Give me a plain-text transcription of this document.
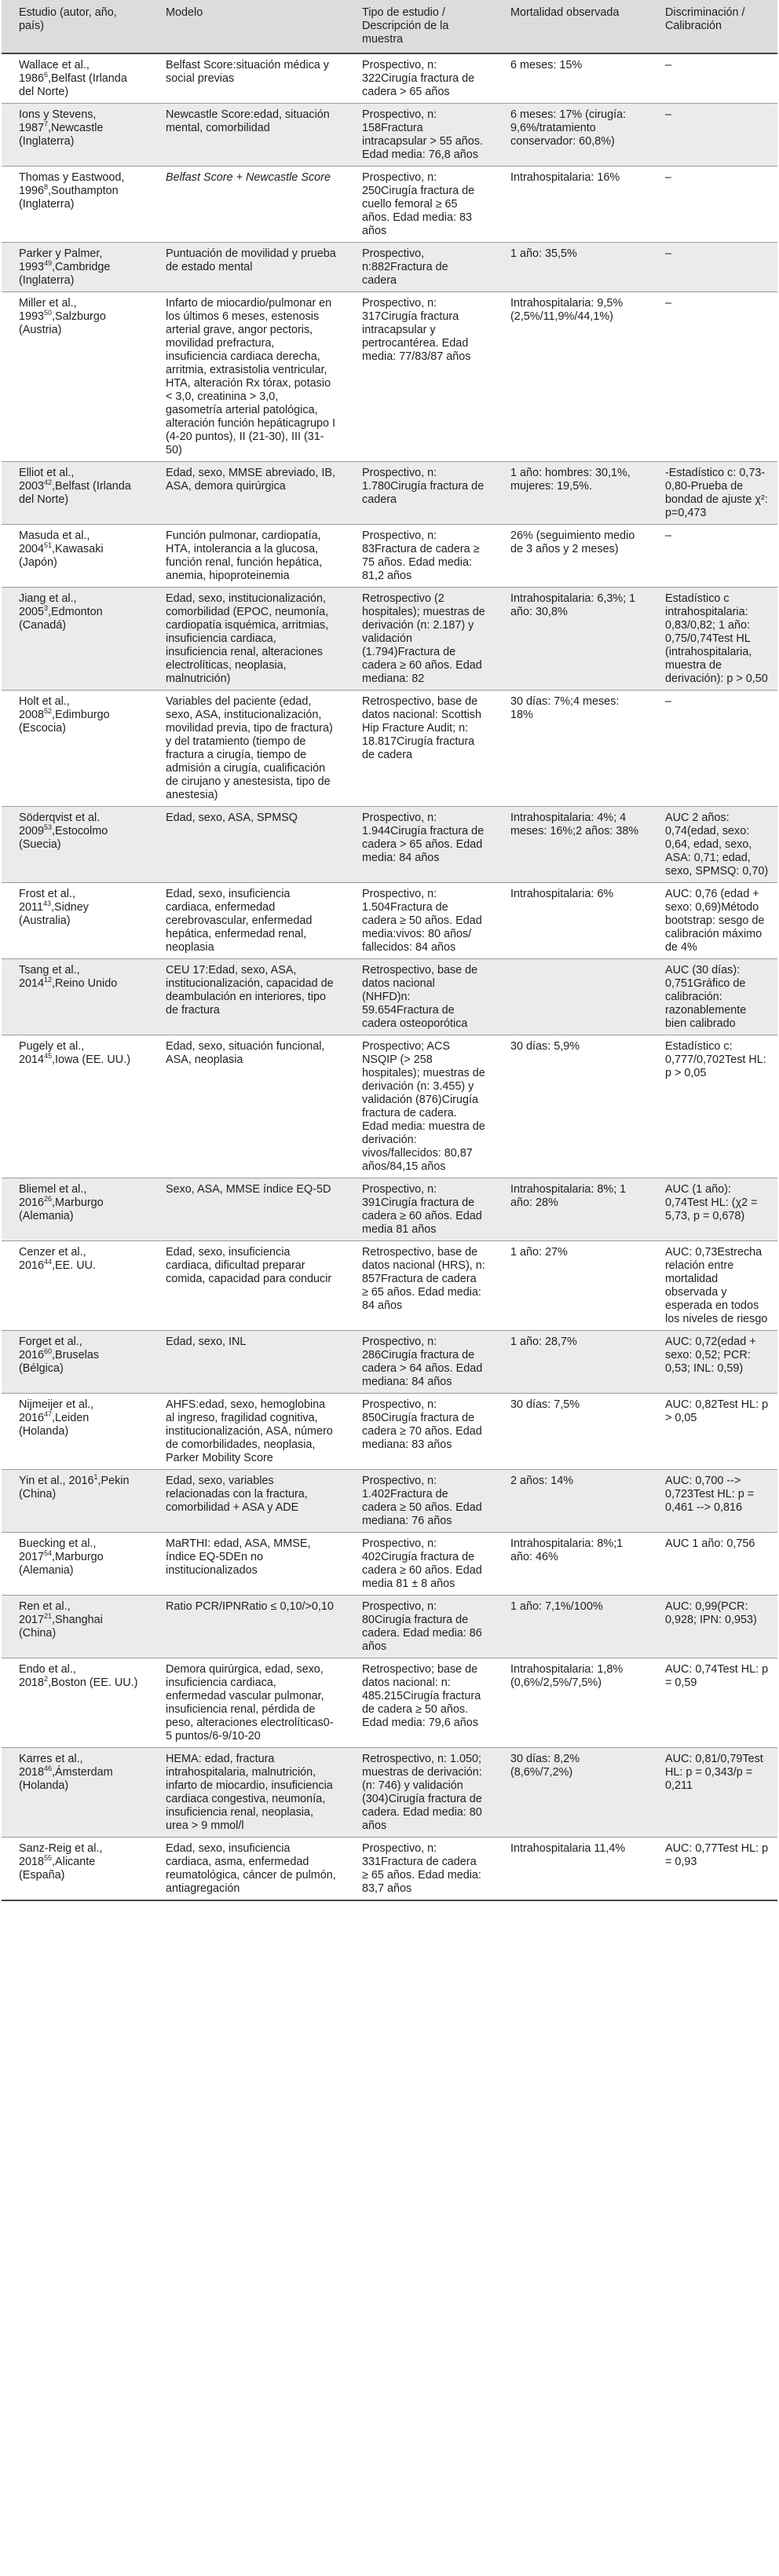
Estudio (autor, año, país)	Modelo	Tipo de estudio / Descripción de la muestra	Mortalidad observada	Discriminación / Calibración
Wallace et al., 1986$^6$,Belfast (Irlanda del Norte)	Belfast Score:situación médica y social previas	Prospectivo, n: 322Cirugía fractura de cadera > 65 años	6 meses: 15%	–
Ions y Stevens, 1987$^7$,Newcastle (Inglaterra)	Newcastle Score:edad, situación mental, comorbilidad	Prospectivo, n: 158Fractura intracapsular > 55 años. Edad media: 76,8 años	6 meses: 17% (cirugía: 9,6%/tratamiento conservador: 60,8%)	–
Thomas y Eastwood, 1996$^8$,Southampton (Inglaterra)	Belfast Score + Newcastle Score	Prospectivo, n: 250Cirugía fractura de cuello femoral ≥ 65 años. Edad media: 83 años	Intrahospitalaria: 16%	–
Parker y Palmer, 1993$^{49}$,Cambridge (Inglaterra)	Puntuación de movilidad y prueba de estado mental	Prospectivo, n:882Fractura de cadera	1 año: 35,5%	–
Miller et al., 1993$^{50}$,Salzburgo (Austria)	Infarto de miocardio/pulmonar en los últimos 6 meses, estenosis arterial grave, angor pectoris, movilidad prefractura, insuficiencia cardiaca derecha, arritmia, extrasistolia ventricular, HTA, alteración Rx tórax, potasio < 3,0, creatinina > 3,0, gasometría arterial patológica, alteración función hepáticagrupo I (4-20 puntos), II (21-30), III (31-50)	Prospectivo, n: 317Cirugía fractura intracapsular y pertrocantérea. Edad media: 77/83/87 años	Intrahospitalaria: 9,5% (2,5%/11,9%/44,1%)	–
Elliot et al., 2003$^{42}$,Belfast (Irlanda del Norte)	Edad, sexo, MMSE abreviado, IB, ASA, demora quirúrgica	Prospectivo, n: 1.780Cirugía fractura de cadera	1 año: hombres: 30,1%, mujeres: 19,5%.	-Estadístico c: 0,73-0,80-Prueba de bondad de ajuste χ²: p=0,473
Masuda et al., 2004$^{51}$,Kawasaki (Japón)	Función pulmonar, cardiopatía, HTA, intolerancia a la glucosa, función renal, función hepática, anemia, hipoproteinemia	Prospectivo, n: 83Fractura de cadera ≥ 75 años. Edad media: 81,2 años	26% (seguimiento medio de 3 años y 2 meses)	–
Jiang et al., 2005$^3$,Edmonton (Canadá)	Edad, sexo, institucionalización, comorbilidad (EPOC, neumonía, cardiopatía isquémica, arritmias, insuficiencia cardiaca, insuficiencia renal, alteraciones electrolíticas, neoplasia, malnutrición)	Retrospectivo (2 hospitales); muestras de derivación (n: 2.187) y validación (1.794)Fractura de cadera ≥ 60 años. Edad mediana: 82	Intrahospitalaria: 6,3%; 1 año: 30,8%	Estadístico c intrahospitalaria: 0,83/0,82; 1 año: 0,75/0,74Test HL (intrahospitalaria, muestra de derivación): p > 0,50
Holt et al., 2008$^{52}$,Edimburgo (Escocia)	Variables del paciente (edad, sexo, ASA, institucionalización, movilidad previa, tipo de fractura) y del tratamiento (tiempo de fractura a cirugía, tiempo de admisión a cirugía, cualificación de cirujano y anestesista, tipo de anestesia)	Retrospectivo, base de datos nacional: Scottish Hip Fracture Audit; n: 18.817Cirugía fractura de cadera	30 días: 7%;4 meses: 18%	–
Söderqvist et al. 2009$^{53}$,Estocolmo (Suecia)	Edad, sexo, ASA, SPMSQ	Prospectivo, n: 1.944Cirugía fractura de cadera > 65 años. Edad media: 84 años	Intrahospitalaria: 4%; 4 meses: 16%;2 años: 38%	AUC 2 años: 0,74(edad, sexo: 0,64, edad, sexo, ASA: 0,71; edad, sexo, SPMSQ: 0,70)
Frost et al., 2011$^{43}$,Sidney (Australia)	Edad, sexo, insuficiencia cardiaca, enfermedad cerebrovascular, enfermedad hepática, enfermedad renal, neoplasia	Prospectivo, n: 1.504Fractura de cadera ≥ 50 años. Edad media:vivos: 80 años/ fallecidos: 84 años	Intrahospitalaria: 6%	AUC: 0,76 (edad + sexo: 0,69)Método bootstrap: sesgo de calibración máximo de 4%
Tsang et al., 2014$^{12}$,Reino Unido	CEU 17:Edad, sexo, ASA, institucionalización, capacidad de deambulación en interiores, tipo de fractura	Retrospectivo, base de datos nacional (NHFD)n: 59.654Fractura de cadera osteoporótica		AUC (30 días): 0,751Gráfico de calibración: razonablemente bien calibrado
Pugely et al., 2014$^{45}$,Iowa (EE. UU.)	Edad, sexo, situación funcional, ASA, neoplasia	Prospectivo; ACS NSQIP (> 258 hospitales); muestras de derivación (n: 3.455) y validación (876)Cirugía fractura de cadera. Edad media: muestra de derivación: vivos/fallecidos: 80,87 años/84,15 años	30 días: 5,9%	Estadístico c: 0,777/0,702Test HL: p > 0,05
Bliemel et al., 2016$^{26}$,Marburgo (Alemania)	Sexo, ASA, MMSE índice EQ-5D	Prospectivo, n: 391Cirugía fractura de cadera ≥ 60 años. Edad media 81 años	Intrahospitalaria: 8%; 1 año: 28%	AUC (1 año): 0,74Test HL: (χ2 = 5,73, p = 0,678)
Cenzer et al., 2016$^{44}$,EE. UU.	Edad, sexo, insuficiencia cardiaca, dificultad preparar comida, capacidad para conducir	Retrospectivo, base de datos nacional (HRS), n: 857Fractura de cadera ≥ 65 años. Edad media: 84 años	1 año: 27%	AUC: 0,73Estrecha relación entre mortalidad observada y esperada en todos los niveles de riesgo
Forget et al., 2016$^{60}$,Bruselas (Bélgica)	Edad, sexo, INL	Prospectivo, n: 286Cirugía fractura de cadera > 64 años. Edad mediana: 84 años	1 año: 28,7%	AUC: 0,72(edad + sexo: 0,52; PCR: 0,53; INL: 0,59)
Nijmeijer et al., 2016$^{47}$,Leiden (Holanda)	AHFS:edad, sexo, hemoglobina al ingreso, fragilidad cognitiva, institucionalización, ASA, número de comorbilidades, neoplasia, Parker Mobility Score	Prospectivo, n: 850Cirugía fractura de cadera ≥ 70 años. Edad mediana: 83 años	30 días: 7,5%	AUC: 0,82Test HL: p > 0,05
Yin et al., 2016$^1$,Pekin (China)	Edad, sexo, variables relacionadas con la fractura, comorbilidad + ASA y ADE	Prospectivo, n: 1.402Fractura de cadera ≥ 50 años. Edad mediana: 76 años	2 años: 14%	AUC: 0,700 --> 0,723Test HL: p = 0,461 --> 0,816
Buecking et al., 2017$^{54}$,Marburgo (Alemania)	MaRTHI: edad, ASA, MMSE, índice EQ-5DEn no institucionalizados	Prospectivo, n: 402Cirugía fractura de cadera ≥ 60 años. Edad media 81 ± 8 años	Intrahospitalaria: 8%;1 año: 46%	AUC 1 año: 0,756
Ren et al., 2017$^{21}$,Shanghai (China)	Ratio PCR/IPNRatio ≤ 0,10/>0,10	Prospectivo, n: 80Cirugía fractura de cadera. Edad media: 86 años	1 año: 7,1%/100%	AUC: 0,99(PCR: 0,928; IPN: 0,953)
Endo et al., 2018$^2$,Boston (EE. UU.)	Demora quirúrgica, edad, sexo, insuficiencia cardiaca, enfermedad vascular pulmonar, insuficiencia renal, pérdida de peso, alteraciones electrolíticas0-5 puntos/6-9/10-20	Retrospectivo; base de datos nacional: n: 485.215Cirugía fractura de cadera ≥ 50 años. Edad media: 79,6 años	Intrahospitalaria: 1,8% (0,6%/2,5%/7,5%)	AUC: 0,74Test HL: p = 0,59
Karres et al., 2018$^{46}$,Ámsterdam (Holanda)	HEMA: edad, fractura intrahospitalaria, malnutrición, infarto de miocardio, insuficiencia cardiaca congestiva, neumonía, insuficiencia renal, neoplasia, urea > 9 mmol/l	Retrospectivo, n: 1.050; muestras de derivación: (n: 746) y validación (304)Cirugía fractura de cadera. Edad media: 80 años	30 días: 8,2% (8,6%/7,2%)	AUC: 0,81/0,79Test HL: p = 0,343/p = 0,211
Sanz-Reig et al., 2018$^{55}$,Alicante (España)	Edad, sexo, insuficiencia cardiaca, asma, enfermedad reumatológica, cáncer de pulmón, antiagregación	Prospectivo, n: 331Fractura de cadera ≥ 65 años. Edad media: 83,7 años	Intrahospitalaria 11,4%	AUC: 0,77Test HL: p = 0,93
